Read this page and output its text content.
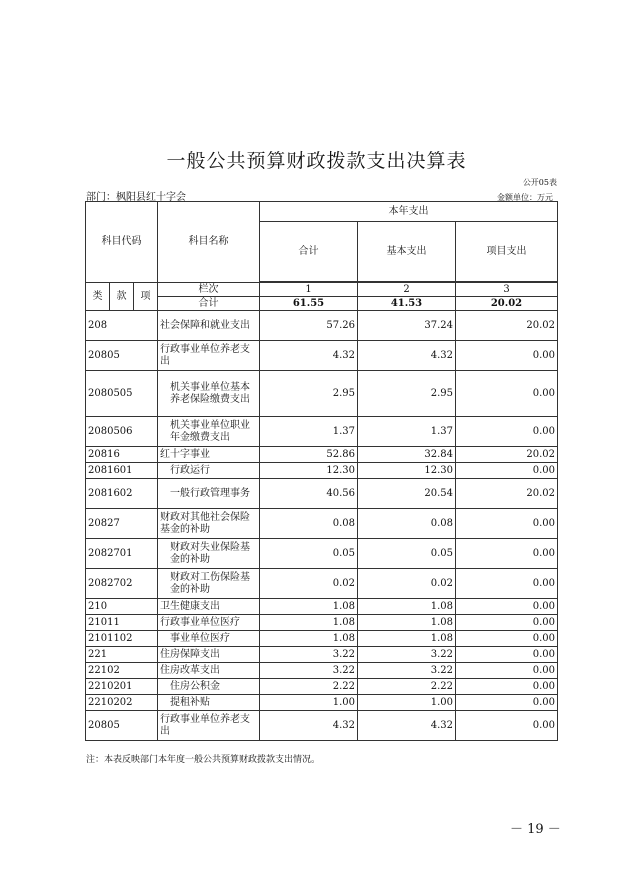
一般公共预算财政拨款支出决算表
公开05表
部门：枫阳县红十字会	金额单位：万元
科目代码			科目名称	本年支出		
				合计	基本支出	项目支出

类	款	项	栏次	1	2	3
			合计	61.55	41.53	20.02
208			社会保障和就业支出	57.26	37.24	20.02
20805			行政事业单位养老支出	4.32	4.32	0.00
2080505			机关事业单位基本养老保险缴费支出	2.95	2.95	0.00
2080506			机关事业单位职业年金缴费支出	1.37	1.37	0.00
20816			红十字事业	52.86	32.84	20.02
2081601			行政运行	12.30	12.30	0.00
2081602			一般行政管理事务	40.56	20.54	20.02
20827			财政对其他社会保险基金的补助	0.08	0.08	0.00
2082701			财政对失业保险基金的补助	0.05	0.05	0.00
2082702			财政对工伤保险基金的补助	0.02	0.02	0.00
210			卫生健康支出	1.08	1.08	0.00
21011			行政事业单位医疗	1.08	1.08	0.00
2101102			事业单位医疗	1.08	1.08	0.00
221			住房保障支出	3.22	3.22	0.00
22102			住房改革支出	3.22	3.22	0.00
2210201			住房公积金	2.22	2.22	0.00
2210202			提租补贴	1.00	1.00	0.00
20805			行政事业单位养老支出	4.32	4.32	0.00
注：本表反映部门本年度一般公共预算财政拨款支出情况。
－ 19 －
